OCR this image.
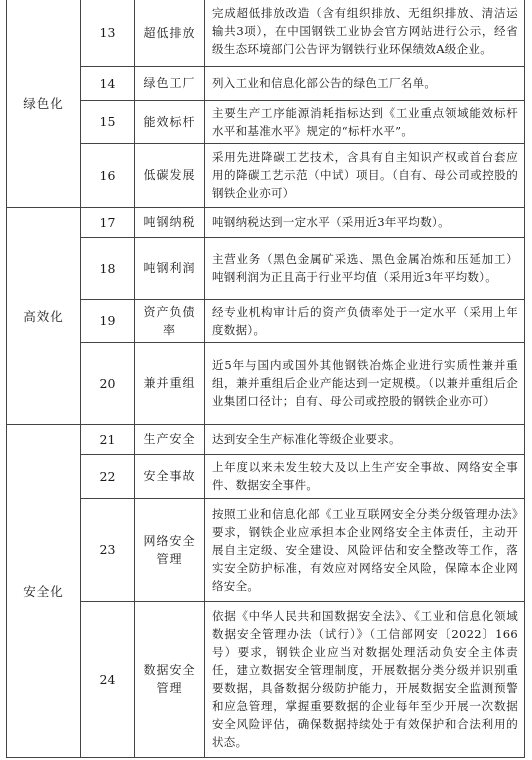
绿色化	13	超低排放	完成超低排放改造（含有组织排放、无组织排放、清洁运输共3项），在中国钢铁工业协会官方网站进行公示，经省级生态环境部门公告评为钢铁行业环保绩效A级企业。
	14	绿色工厂	列入工业和信息化部公告的绿色工厂名单。
	15	能效标杆	主要生产工序能源消耗指标达到《工业重点领域能效标杆水平和基准水平》规定的“标杆水平”。
	16	低碳发展	采用先进降碳工艺技术，含具有自主知识产权或首台套应用的降碳工艺示范（中试）项目。（自有、母公司或控股的钢铁企业亦可）
高效化	17	吨钢纳税	吨钢纳税达到一定水平（采用近3年平均数）。
	18	吨钢利润	主营业务（黑色金属矿采选、黑色金属冶炼和压延加工）吨钢利润为正且高于行业平均值（采用近3年平均数）。
	19	资产负债率	经专业机构审计后的资产负债率处于一定水平（采用上年度数据）。
	20	兼并重组	近5年与国内或国外其他钢铁冶炼企业进行实质性兼并重组，兼并重组后企业产能达到一定规模。（以兼并重组后企业集团口径计；自有、母公司或控股的钢铁企业亦可）
安全化	21	生产安全	达到安全生产标准化等级企业要求。
	22	安全事故	上年度以来未发生较大及以上生产安全事故、网络安全事件、数据安全事件。
	23	网络安全管理	按照工业和信息化部《工业互联网安全分类分级管理办法》要求，钢铁企业应承担本企业网络安全主体责任，主动开展自主定级、安全建设、风险评估和安全整改等工作，落实安全防护标准，有效应对网络安全风险，保障本企业网络安全。
	24	数据安全管理	依据《中华人民共和国数据安全法》、《工业和信息化领域数据安全管理办法（试行）》（工信部网安〔2022〕166号）要求，钢铁企业应当对数据处理活动负安全主体责任，建立数据安全管理制度，开展数据分类分级并识别重要数据，具备数据分级防护能力，开展数据安全监测预警和应急管理，掌握重要数据的企业每年至少开展一次数据安全风险评估，确保数据持续处于有效保护和合法利用的状态。
